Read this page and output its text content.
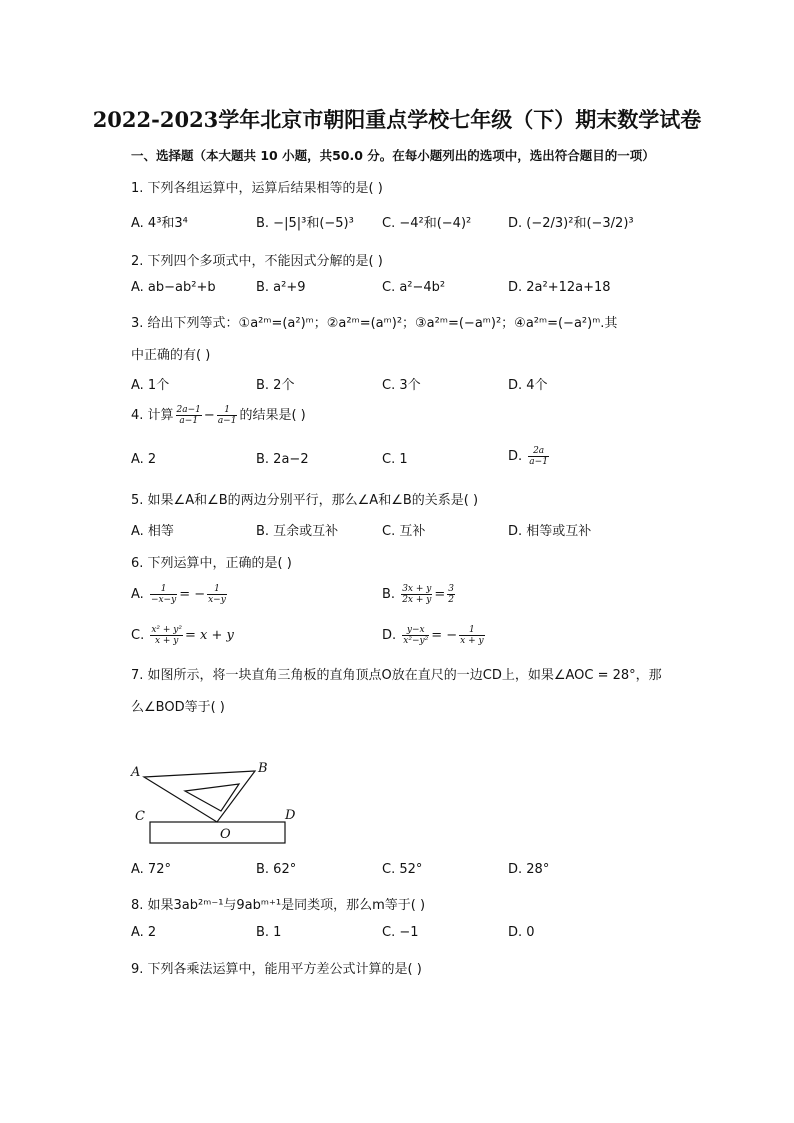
2022-2023学年北京市朝阳重点学校七年级（下）期末数学试卷
一、选择题（本大题共 10 小题，共50.0 分。在每小题列出的选项中，选出符合题目的一项）
1. 下列各组运算中，运算后结果相等的是( )
A. 4³和3⁴	B. −|5|³和(−5)³ C. −4²和(−4)²	D. (−2/3)²和(−3/2)³
2. 下列四个多项式中，不能因式分解的是( )
A. ab−ab²+b	B. a²+9	C. a²−4b²	D. 2a²+12a+18
3. 给出下列等式：①a²ᵐ=(a²)ᵐ；②a²ᵐ=(aᵐ)²；③a²ᵐ=(−aᵐ)²；④a²ᵐ=(−a²)ᵐ.其
中正确的有( )
A. 1个	B. 2个	C. 3个	D. 4个
4. 计算 $\frac{2a-1}{a-1} - \frac{1}{a-1}$ 的结果是( )
A. 2	B. 2a−2	C. 1	D. $\frac{2a}{a-1}$
5. 如果∠A和∠B的两边分别平行，那么∠A和∠B的关系是( )
A. 相等	B. 互余或互补	C. 互补	D. 相等或互补
6. 下列运算中，正确的是( )
A. $\frac{1}{-x-y}$ = − $\frac{1}{x-y}$	B. $\frac{3x + y}{2x + y} = \frac{3}{2}$
C. $\frac{\text{x² + y²}}{x + y} = x + y$	D. $\frac{y-x}{\text{x²−y²}}$ = − $\frac{1}{x + y}$
7. 如图所示，将一块直角三角板的直角顶点O放在直尺的一边CD上，如果∠AOC = 28°，那
么∠BOD等于( )
A	B
C	D
O
A. 72°	B. 62°	C. 52°	D. 28°
8. 如果3ab²ᵐ⁻¹与9abᵐ⁺¹是同类项，那么m等于( )
A. 2	B. 1	C. −1	D. 0
9. 下列各乘法运算中，能用平方差公式计算的是( )
